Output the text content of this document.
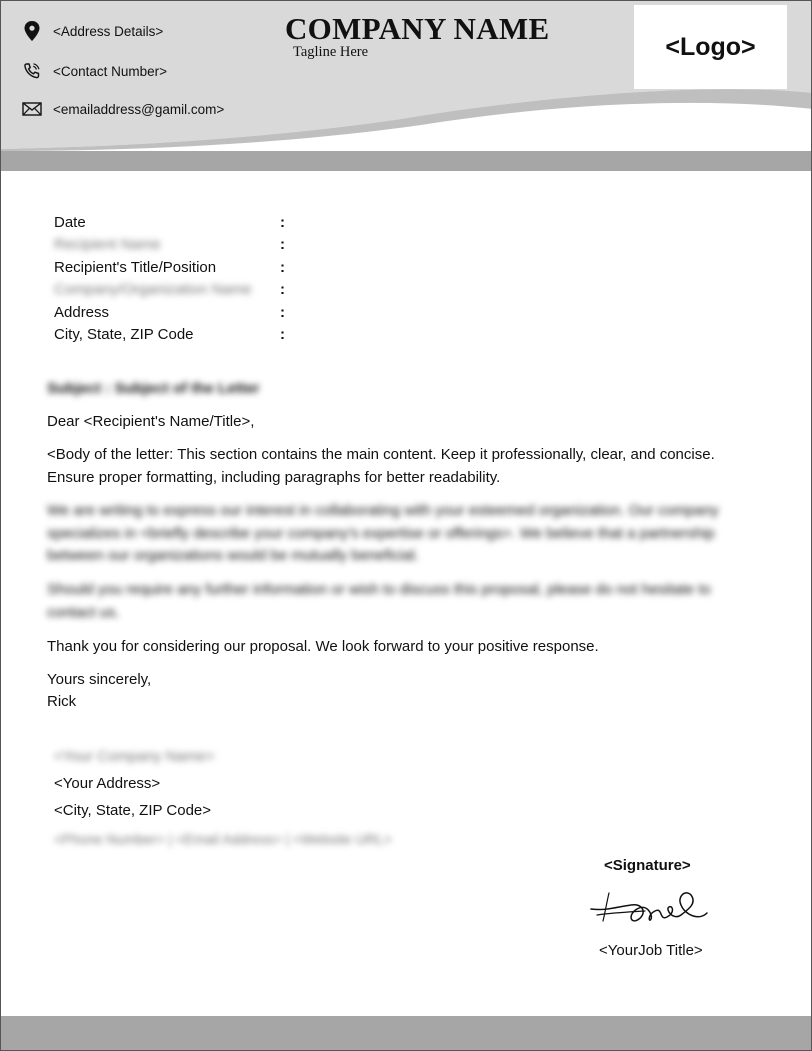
<Address Details>
<Contact Number>
<emailaddress@gamil.com>
COMPANY NAME
Tagline Here	<Logo>
Date	:
Recipient Name	:
Recipient's Title/Position	:
Company/Organization Name :
Address	:
City, State, ZIP Code	:
Subject : Subject of the Letter
Dear <Recipient's Name/Title>,
<Body of the letter: This section contains the main content. Keep it professionally, clear, and concise. Ensure proper formatting, including paragraphs for better readability.
We are writing to express our interest in collaborating with your esteemed organization. Our company specializes in <briefly describe your company's expertise or offerings>. We believe that a partnership between our organizations would be mutually beneficial.
Should you require any further information or wish to discuss this proposal, please do not hesitate to contact us.
Thank you for considering our proposal. We look forward to your positive response.
Yours sincerely,
Rick
<Your Company Name>
<Your Address>
<City, State, ZIP Code>
<Phone Number> | <Email Address> | <Website URL>
<Signature>
<YourJob Title>
